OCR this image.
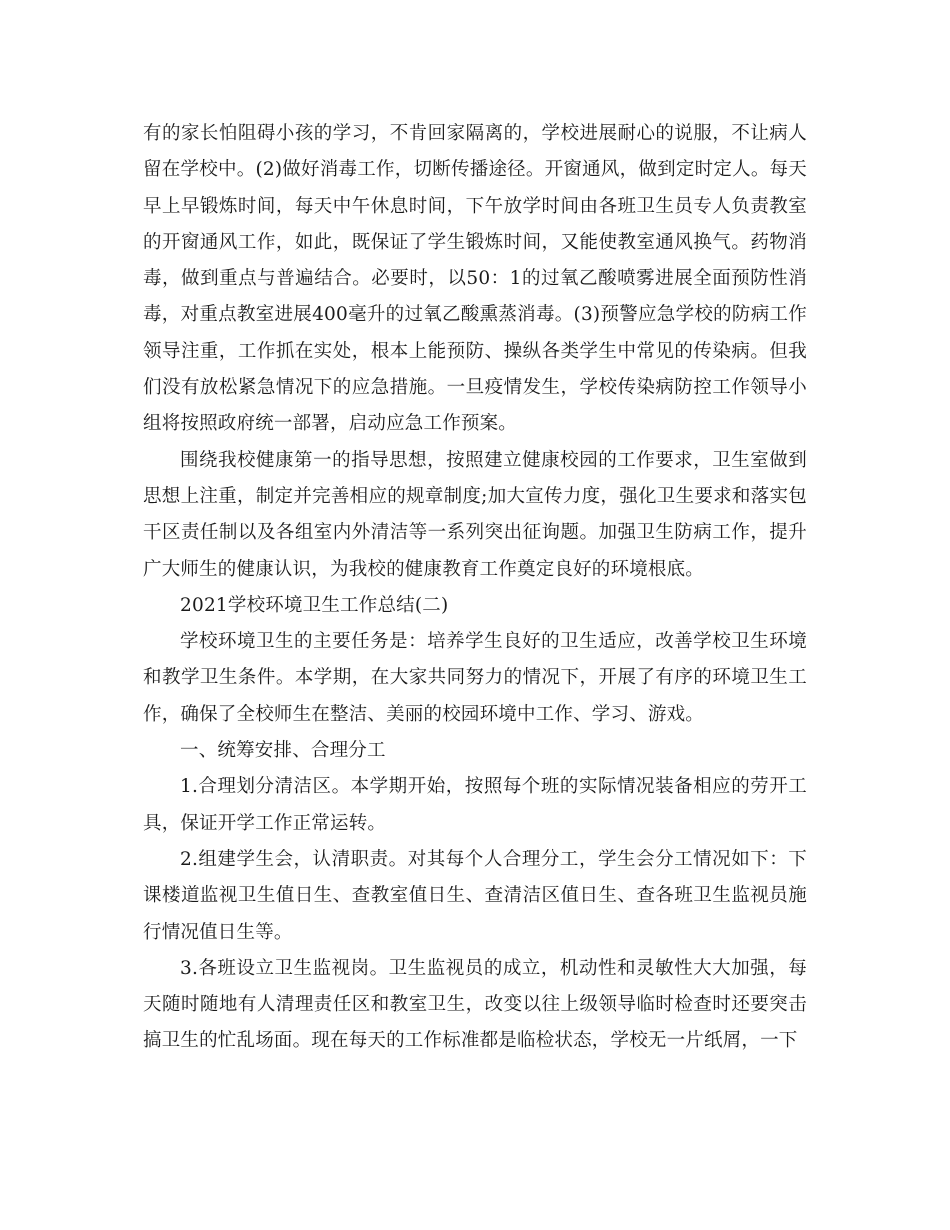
有的家长怕阻碍小孩的学习，不肯回家隔离的，学校进展耐心的说服，不让病人留在学校中。(2)做好消毒工作，切断传播途径。开窗通风，做到定时定人。每天早上早锻炼时间，每天中午休息时间，下午放学时间由各班卫生员专人负责教室的开窗通风工作，如此，既保证了学生锻炼时间，又能使教室通风换气。药物消毒，做到重点与普遍结合。必要时，以50：1的过氧乙酸喷雾进展全面预防性消毒，对重点教室进展400毫升的过氧乙酸熏蒸消毒。(3)预警应急学校的防病工作领导注重，工作抓在实处，根本上能预防、操纵各类学生中常见的传染病。但我们没有放松紧急情况下的应急措施。一旦疫情发生，学校传染病防控工作领导小组将按照政府统一部署，启动应急工作预案。

围绕我校健康第一的指导思想，按照建立健康校园的工作要求，卫生室做到思想上注重，制定并完善相应的规章制度;加大宣传力度，强化卫生要求和落实包干区责任制以及各组室内外清洁等一系列突出征询题。加强卫生防病工作，提升广大师生的健康认识，为我校的健康教育工作奠定良好的环境根底。

2021学校环境卫生工作总结(二)

学校环境卫生的主要任务是：培养学生良好的卫生适应，改善学校卫生环境和教学卫生条件。本学期，在大家共同努力的情况下，开展了有序的环境卫生工作，确保了全校师生在整洁、美丽的校园环境中工作、学习、游戏。

一、统筹安排、合理分工

1.合理划分清洁区。本学期开始，按照每个班的实际情况装备相应的劳开工具，保证开学工作正常运转。

2.组建学生会，认清职责。对其每个人合理分工，学生会分工情况如下：下课楼道监视卫生值日生、查教室值日生、查清洁区值日生、查各班卫生监视员施行情况值日生等。

3.各班设立卫生监视岗。卫生监视员的成立，机动性和灵敏性大大加强，每天随时随地有人清理责任区和教室卫生，改变以往上级领导临时检查时还要突击搞卫生的忙乱场面。现在每天的工作标准都是临检状态，学校无一片纸屑，一下
